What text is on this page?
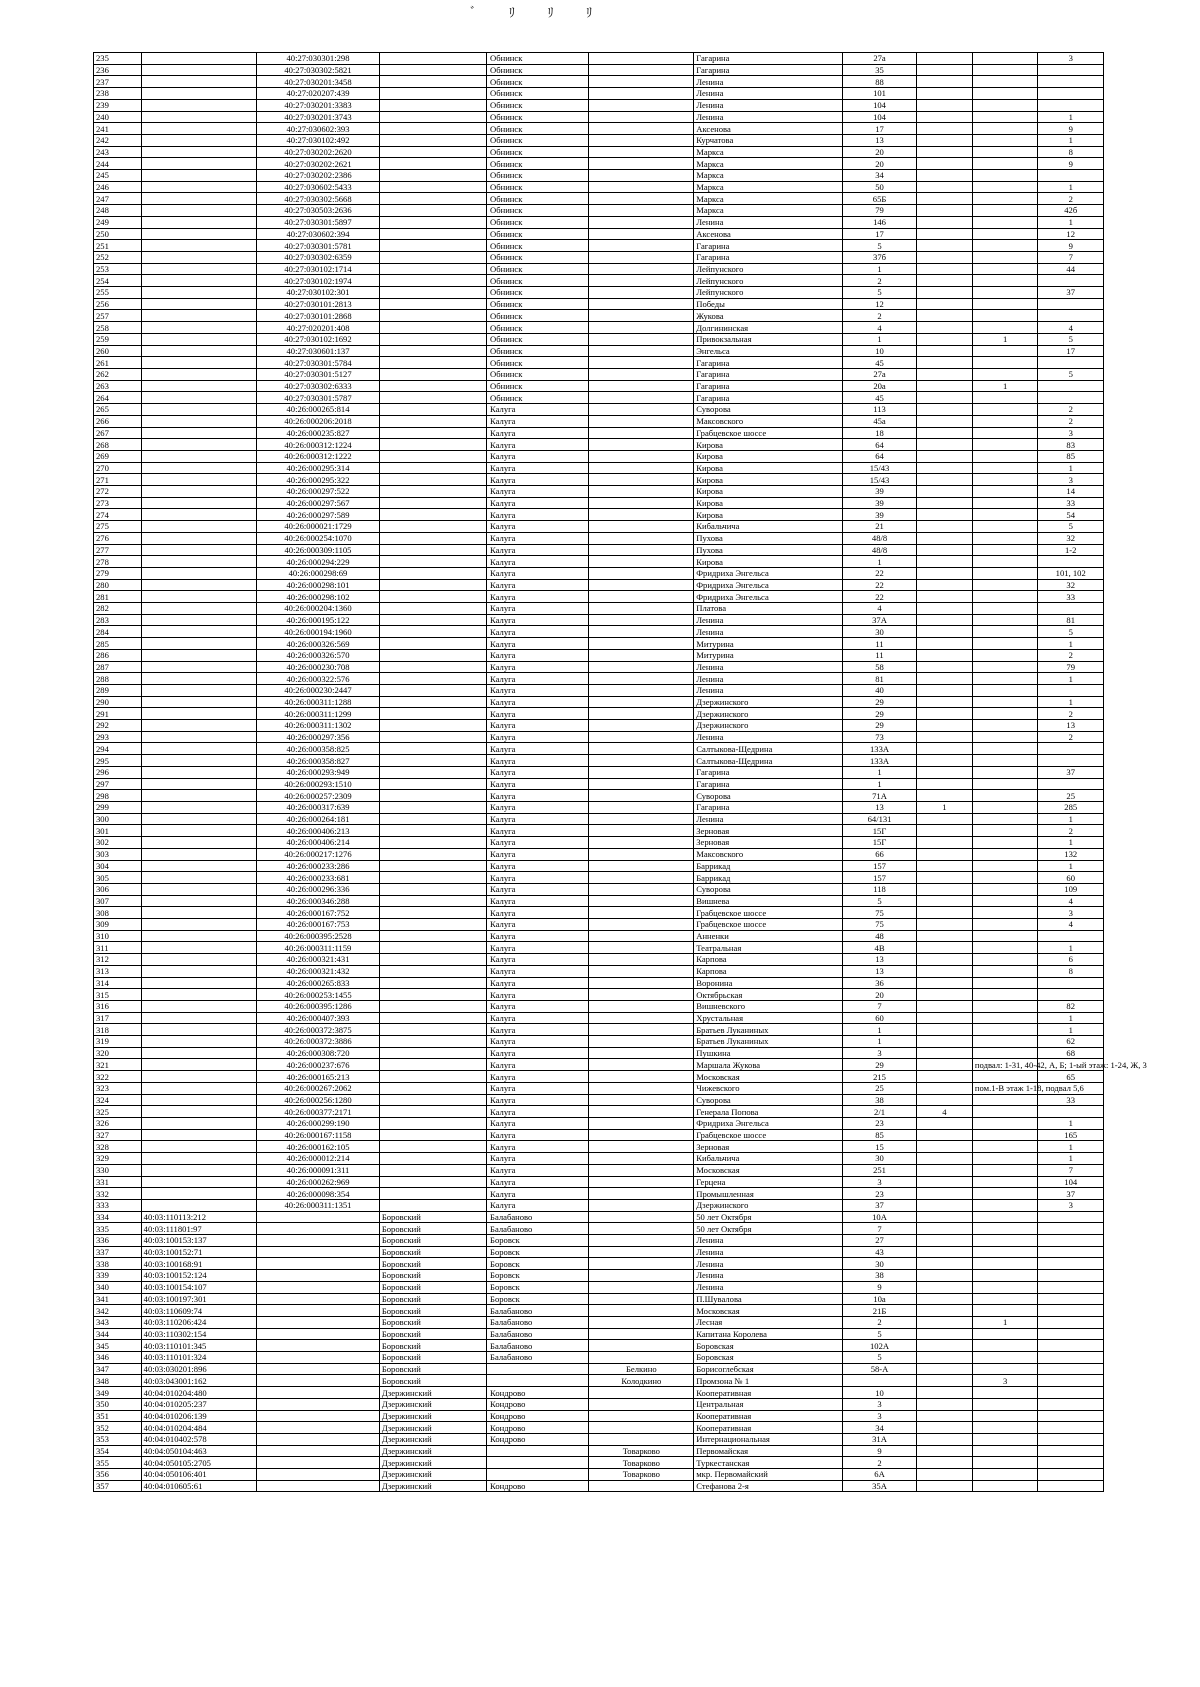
ﾞ ﾘ ﾘ ﾘ
235		40:27:030301:298		Обнинск		Гагарина	27а			3
236		40:27:030302:5821		Обнинск		Гагарина	35			
237		40:27:030201:3458		Обнинск		Ленина	88			
238		40:27:020207:439		Обнинск		Ленина	101			
239		40:27:030201:3383		Обнинск		Ленина	104			
240		40:27:030201:3743		Обнинск		Ленина	104			1
241		40:27:030602:393		Обнинск		Аксенова	17			9
242		40:27:030102:492		Обнинск		Курчатова	13			1
243		40:27:030202:2620		Обнинск		Маркса	20			8
244		40:27:030202:2621		Обнинск		Маркса	20			9
245		40:27:030202:2386		Обнинск		Маркса	34			
246		40:27:030602:5433		Обнинск		Маркса	50			1
247		40:27:030302:5668		Обнинск		Маркса	65Б			2
248		40:27:030503:2636		Обнинск		Маркса	79			42б
249		40:27:030301:5897		Обнинск		Ленина	146			1
250		40:27:030602:394		Обнинск		Аксенова	17			12
251		40:27:030301:5781		Обнинск		Гагарина	5			9
252		40:27:030302:6359		Обнинск		Гагарина	37б			7
253		40:27:030102:1714		Обнинск		Лейпунского	1			44
254		40:27:030102:1974		Обнинск		Лейпунского	2			
255		40:27:030102:301		Обнинск		Лейпунского	5			37
256		40:27:030101:2813		Обнинск		Победы	12			
257		40:27:030101:2868		Обнинск		Жукова	2			
258		40:27:020201:408		Обнинск		Долгининская	4			4
259		40:27:030102:1692		Обнинск		Привокзальная	1		1	5
260		40:27:030601:137		Обнинск		Энгельса	10			17
261		40:27:030301:5784		Обнинск		Гагарина	45			
262		40:27:030301:5127		Обнинск		Гагарина	27а			5
263		40:27:030302:6333		Обнинск		Гагарина	20а		1	
264		40:27:030301:5787		Обнинск		Гагарина	45			
265		40:26:000265:814		Калуга		Суворова	113			2
266		40:26:000206:2018		Калуга		Максовского	45а			2
267		40:26:000235:827		Калуга		Грабцевское шоссе	18			3
268		40:26:000312:1224		Калуга		Кирова	64			83
269		40:26:000312:1222		Калуга		Кирова	64			85
270		40:26:000295:314		Калуга		Кирова	15/43			1
271		40:26:000295:322		Калуга		Кирова	15/43			3
272		40:26:000297:522		Калуга		Кирова	39			14
273		40:26:000297:567		Калуга		Кирова	39			33
274		40:26:000297:589		Калуга		Кирова	39			54
275		40:26:000021:1729		Калуга		Кибальчича	21			5
276		40:26:000254:1070		Калуга		Пухова	48/8			32
277		40:26:000309:1105		Калуга		Пухова	48/8			1-2
278		40:26:000294:229		Калуга		Кирова	1			
279		40:26:000298:69		Калуга		Фридриха Энгельса	22			101, 102
280		40:26:000298:101		Калуга		Фридриха Энгельса	22			32
281		40:26:000298:102		Калуга		Фридриха Энгельса	22			33
282		40:26:000204:1360		Калуга		Платова	4			
283		40:26:000195:122		Калуга		Ленина	37А			81
284		40:26:000194:1960		Калуга		Ленина	30			5
285		40:26:000326:569		Калуга		Митурина	11			1
286		40:26:000326:570		Калуга		Митурина	11			2
287		40:26:000230:708		Калуга		Ленина	58			79
288		40:26:000322:576		Калуга		Ленина	81			1
289		40:26:000230:2447		Калуга		Ленина	40			
290		40:26:000311:1288		Калуга		Дзержинского	29			1
291		40:26:000311:1299		Калуга		Дзержинского	29			2
292		40:26:000311:1302		Калуга		Дзержинского	29			13
293		40:26:000297:356		Калуга		Ленина	73			2
294		40:26:000358:825		Калуга		Салтыкова-Щедрина	133А			
295		40:26:000358:827		Калуга		Салтыкова-Щедрина	133А			
296		40:26:000293:949		Калуга		Гагарина	1			37
297		40:26:000293:1510		Калуга		Гагарина	1			
298		40:26:000257:2309		Калуга		Суворова	71А			25
299		40:26:000317:639		Калуга		Гагарина	13	1		285
300		40:26:000264:181		Калуга		Ленина	64/131			1
301		40:26:000406:213		Калуга		Зерновая	15Г			2
302		40:26:000406:214		Калуга		Зерновая	15Г			1
303		40:26:000217:1276		Калуга		Максовского	66			132
304		40:26:000233:286		Калуга		Баррикад	157			1
305		40:26:000233:681		Калуга		Баррикад	157			60
306		40:26:000296:336		Калуга		Суворова	118			109
307		40:26:000346:288		Калуга		Вишнева	5			4
308		40:26:000167:752		Калуга		Грабцевское шоссе	75			3
309		40:26:000167:753		Калуга		Грабцевское шоссе	75			4
310		40:26:000395:2528		Калуга		Анненки	48			
311		40:26:000311:1159		Калуга		Театральная	4В			1
312		40:26:000321:431		Калуга		Карпова	13			6
313		40:26:000321:432		Калуга		Карпова	13			8
314		40:26:000265:833		Калуга		Воронина	36			
315		40:26:000253:1455		Калуга		Октябрьская	20			
316		40:26:000395:1286		Калуга		Вишневского	7			82
317		40:26:000407:393		Калуга		Хрустальная	60			1
318		40:26:000372:3875		Калуга		Братьев Луканиных	1			1
319		40:26:000372:3886		Калуга		Братьев Луканиных	1			62
320		40:26:000308:720		Калуга		Пушкина	3			68
321		40:26:000237:676		Калуга		Маршала Жукова	29		подвал: 1-31, 40-42, А, Б; 1-ый этаж: 1-24, Ж, 3	
322		40:26:000165:213		Калуга		Московская	215			65
323		40:26:000267:2062		Калуга		Чижевского	25		пом.1-В этаж 1-18, подвал 5,6	
324		40:26:000256:1280		Калуга		Суворова	38			33
325		40:26:000377:2171		Калуга		Генерала Попова	2/1	4		
326		40:26:000299:190		Калуга		Фридриха Энгельса	23			1
327		40:26:000167:1158		Калуга		Грабцевское шоссе	85			165
328		40:26:000162:105		Калуга		Зерновая	15			1
329		40:26:000012:214		Калуга		Кибальчича	30			1
330		40:26:000091:311		Калуга		Московская	251			7
331		40:26:000262:969		Калуга		Герцена	3			104
332		40:26:000098:354		Калуга		Промышленная	23			37
333		40:26:000311:1351		Калуга		Дзержинского	37			3
334	40:03:110113:212		Боровский	Балабаново		50 лет Октября	10А			
335	40:03:111801:97		Боровский	Балабаново		50 лет Октября	7			
336	40:03:100153:137		Боровский	Боровск		Ленина	27			
337	40:03:100152:71		Боровский	Боровск		Ленина	43			
338	40:03:100168:91		Боровский	Боровск		Ленина	30			
339	40:03:100152:124		Боровский	Боровск		Ленина	38			
340	40:03:100154:107		Боровский	Боровск		Ленина	9			
341	40:03:100197:301		Боровский	Боровск		П.Шувалова	10а			
342	40:03:110609:74		Боровский	Балабаново		Московская	21Б			
343	40:03:110206:424		Боровский	Балабаново		Лесная	2		1	
344	40:03:110302:154		Боровский	Балабаново		Капитана Королева	5			
345	40:03:110101:345		Боровский	Балабаново		Боровская	102А			
346	40:03:110101:324		Боровский	Балабаново		Боровская	5			
347	40:03:030201:896		Боровский		Белкино	Борисоглебская	58-А			
348	40:03:043001:162		Боровский		Колодкино	Промзона № 1			3	
349	40:04:010204:480		Дзержинский	Кондрово		Кооперативная	10			
350	40:04:010205:237		Дзержинский	Кондрово		Центральная	3			
351	40:04:010206:139		Дзержинский	Кондрово		Кооперативная	3			
352	40:04:010204:484		Дзержинский	Кондрово		Кооперативная	34			
353	40:04:010402:578		Дзержинский	Кондрово		Интернациональная	31А			
354	40:04:050104:463		Дзержинский		Товарково	Первомайская	9			
355	40:04:050105:2705		Дзержинский		Товарково	Туркестанская	2			
356	40:04:050106:401		Дзержинский		Товарково	мкр. Первомайский	6А			
357	40:04:010605:61		Дзержинский	Кондрово		Стефанова 2-я	35А			
